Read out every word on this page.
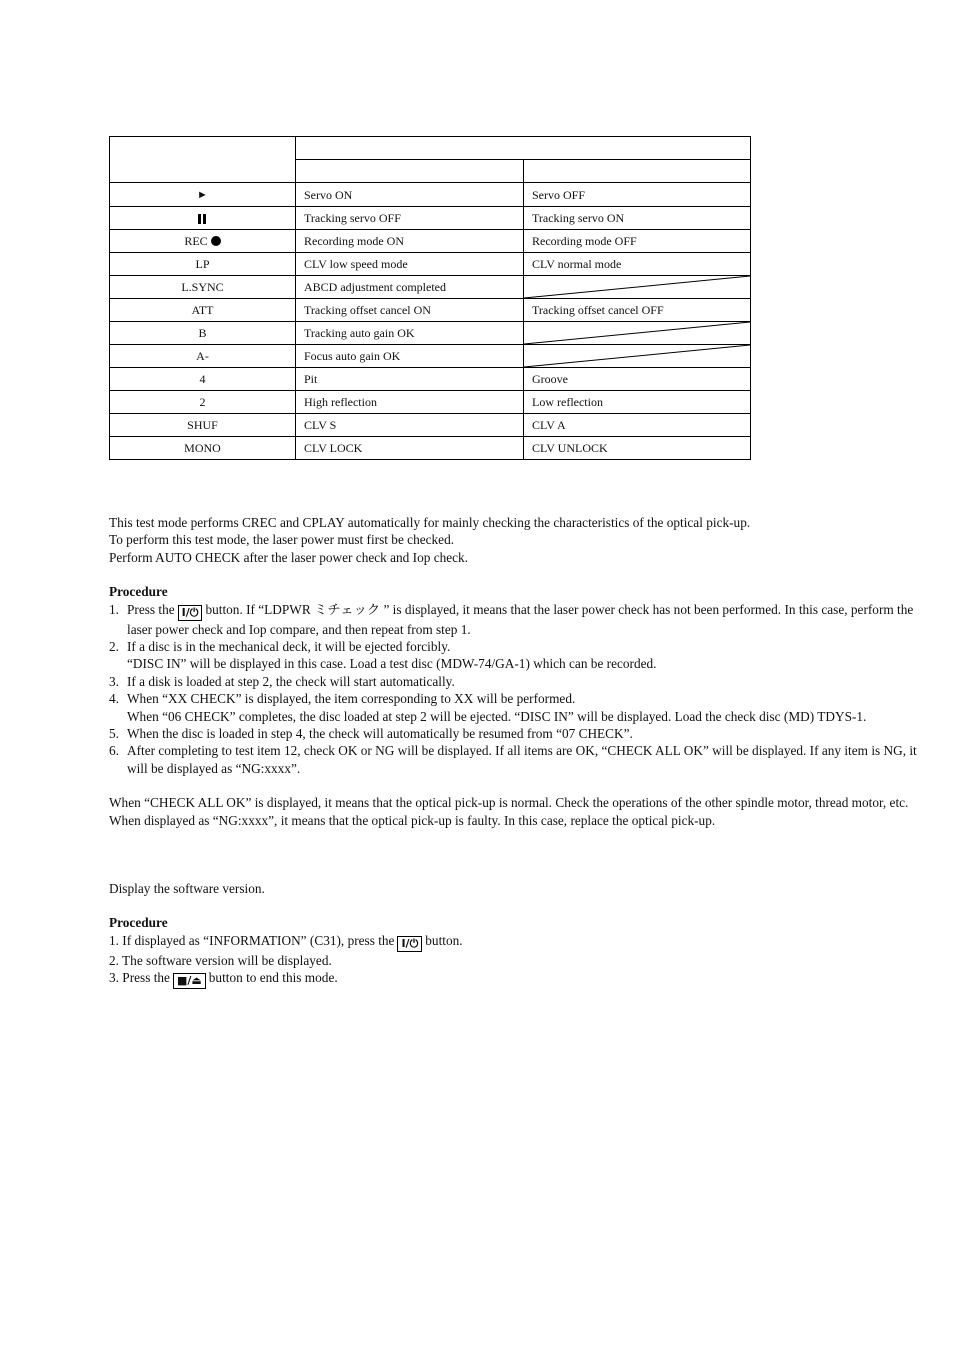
►	Servo ON	Servo OFF
	Tracking servo OFF	Tracking servo ON
REC	Recording mode ON	Recording mode OFF
LP	CLV low speed mode	CLV normal mode
L.SYNC	ABCD adjustment completed	

ATT	Tracking offset cancel ON	Tracking offset cancel OFF
B	Tracking auto gain OK	

A-	Focus auto gain OK	

4	Pit	Groove
2	High reflection	Low reflection
SHUF	CLV S	CLV A
MONO	CLV LOCK	CLV UNLOCK

This test mode performs CREC and CPLAY automatically for mainly checking the characteristics of the optical pick-up.

To perform this test mode, the laser power must first be checked.

Perform AUTO CHECK after the laser power check and Iop check.

Procedure

1. Press the I/⏻ button. If “LDPWR ミチェック ” is displayed, it means that the laser power check has not been performed. In this case, perform the laser power check and Iop compare, and then repeat from step 1.
2. If a disc is in the mechanical deck, it will be ejected forcibly.
“DISC IN” will be displayed in this case. Load a test disc (MDW-74/GA-1) which can be recorded.
3. If a disk is loaded at step 2, the check will start automatically.
4. When “XX CHECK” is displayed, the item corresponding to XX will be performed.
When “06 CHECK” completes, the disc loaded at step 2 will be ejected. “DISC IN” will be displayed. Load the check disc (MD) TDYS-1.
5. When the disc is loaded in step 4, the check will automatically be resumed from “07 CHECK”.
6. After completing to test item 12, check OK or NG will be displayed. If all items are OK, “CHECK ALL OK” will be displayed. If any item is NG, it will be displayed as “NG:xxxx”.

When “CHECK ALL OK” is displayed, it means that the optical pick-up is normal. Check the operations of the other spindle motor, thread motor, etc.

When displayed as “NG:xxxx”, it means that the optical pick-up is faulty. In this case, replace the optical pick-up.

Display the software version.

Procedure

1. If displayed as “INFORMATION” (C31), press the I/⏻ button.

2. The software version will be displayed.

3. Press the ■/⏏ button to end this mode.
